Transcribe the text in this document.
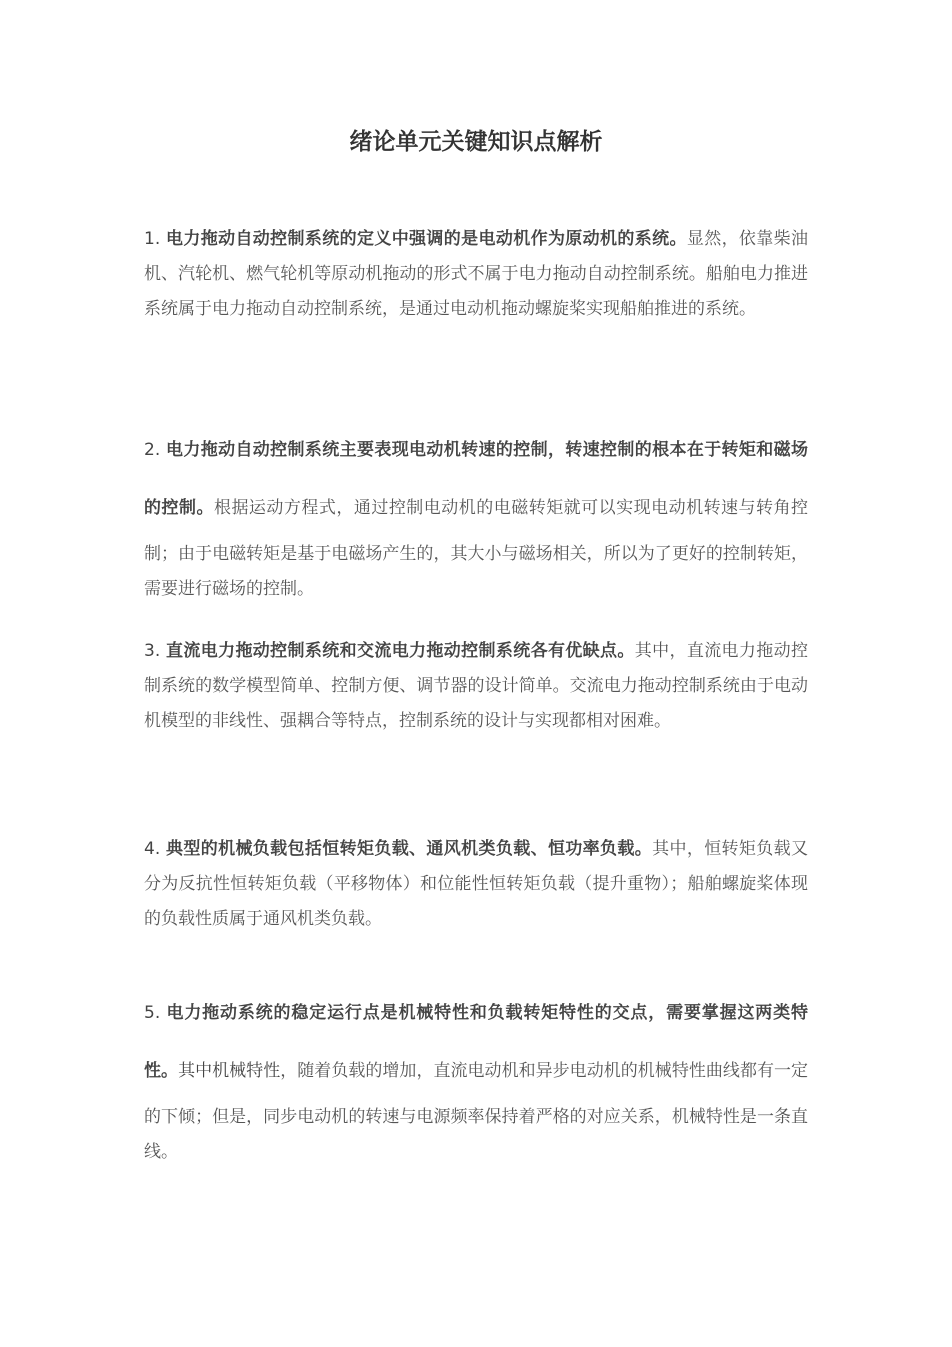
绪论单元关键知识点解析

1. 电力拖动自动控制系统的定义中强调的是电动机作为原动机的系统。显然，依靠柴油机、汽轮机、燃气轮机等原动机拖动的形式不属于电力拖动自动控制系统。船舶电力推进系统属于电力拖动自动控制系统，是通过电动机拖动螺旋桨实现船舶推进的系统。

2. 电力拖动自动控制系统主要表现电动机转速的控制，转速控制的根本在于转矩和磁场的控制。根据运动方程式，通过控制电动机的电磁转矩就可以实现电动机转速与转角控制；由于电磁转矩是基于电磁场产生的，其大小与磁场相关，所以为了更好的控制转矩，需要进行磁场的控制。

3. 直流电力拖动控制系统和交流电力拖动控制系统各有优缺点。其中，直流电力拖动控制系统的数学模型简单、控制方便、调节器的设计简单。交流电力拖动控制系统由于电动机模型的非线性、强耦合等特点，控制系统的设计与实现都相对困难。

4. 典型的机械负载包括恒转矩负载、通风机类负载、恒功率负载。其中，恒转矩负载又分为反抗性恒转矩负载（平移物体）和位能性恒转矩负载（提升重物）；船舶螺旋桨体现的负载性质属于通风机类负载。

5. 电力拖动系统的稳定运行点是机械特性和负载转矩特性的交点，需要掌握这两类特性。其中机械特性，随着负载的增加，直流电动机和异步电动机的机械特性曲线都有一定的下倾；但是，同步电动机的转速与电源频率保持着严格的对应关系，机械特性是一条直线。
